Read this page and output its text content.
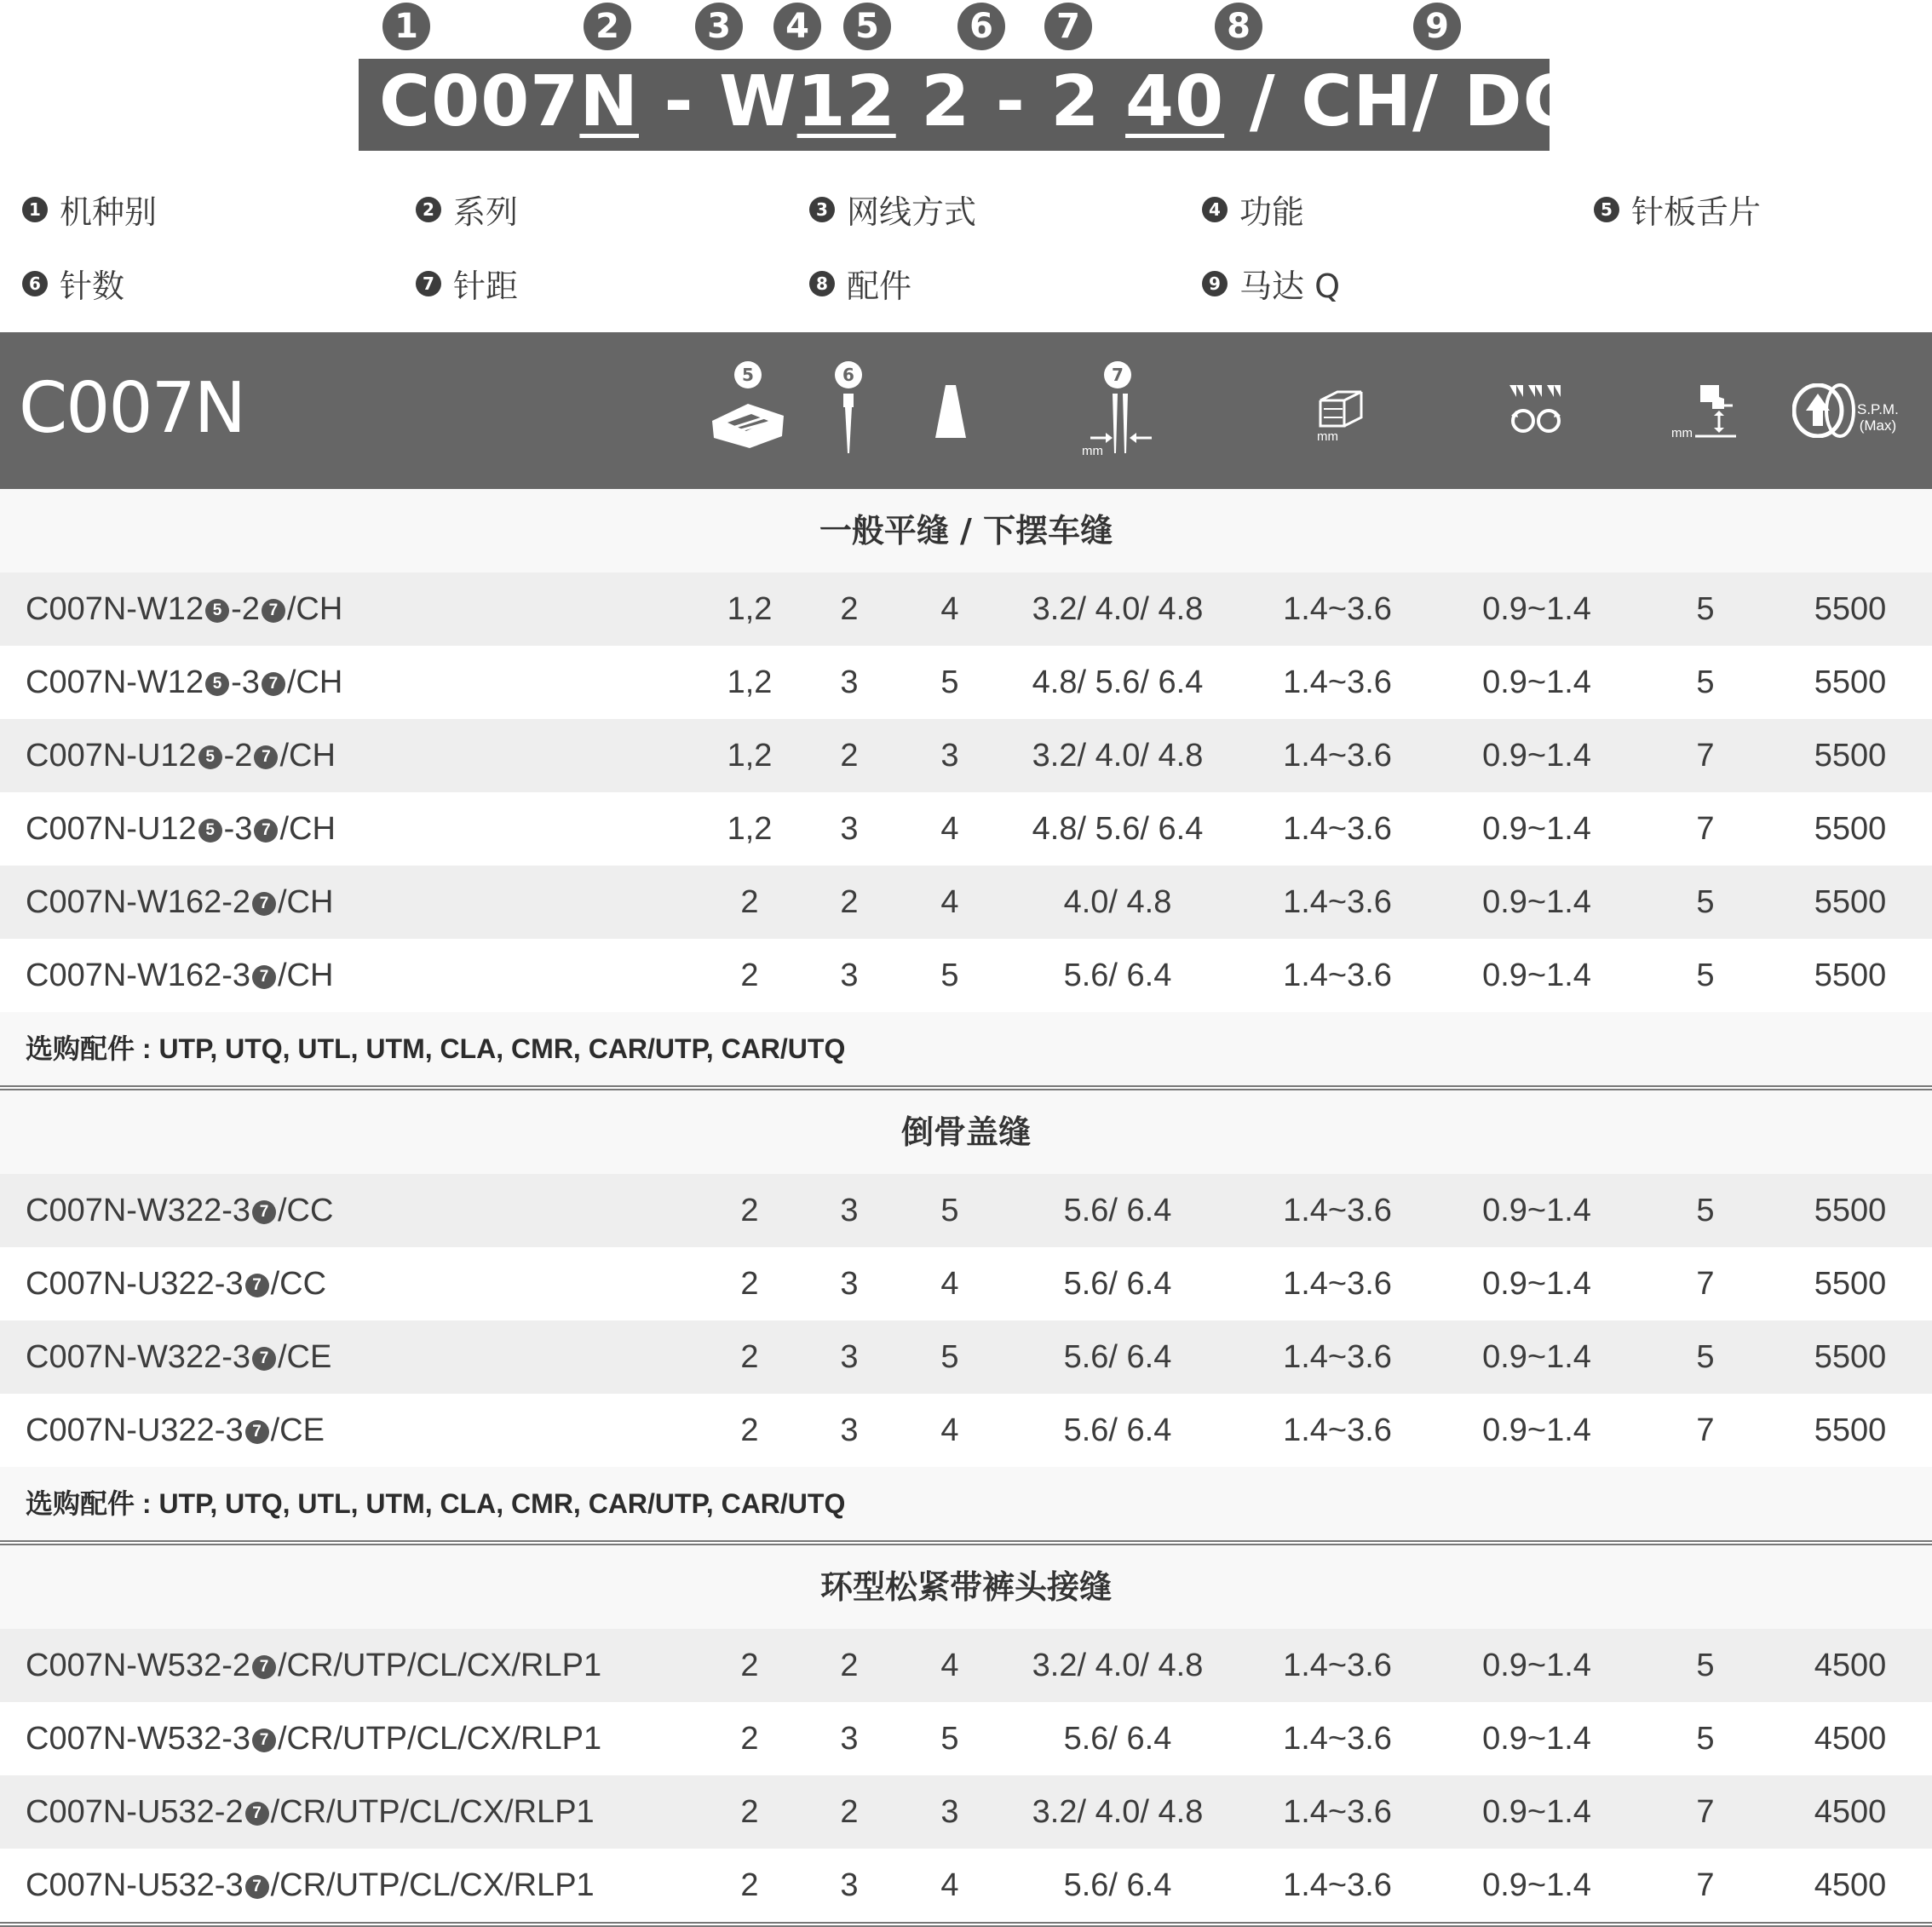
1	2	3	4	5	6	7	8	9
C007N - W12 2 - 2 40 / CH/ DCNQ
1 机种别	2 系列	3 网线方式	4 功能	5 针板舌片
6 针数	7 针距	8 配件	9 马达 Q
C007N	5	6	7
mm
mm	mm
S.P.M.
(Max)
一般平缝 / 下摆车缝
C007N-W12 5 -2 7 /CH	1,2	2	4	3.2/ 4.0/ 4.8	1.4~3.6	0.9~1.4	5	5500
C007N-W12 5 -3 7 /CH	1,2	3	5	4.8/ 5.6/ 6.4	1.4~3.6	0.9~1.4	5	5500
C007N-U12 5 -2 7 /CH	1,2	2	3	3.2/ 4.0/ 4.8	1.4~3.6	0.9~1.4	7	5500
C007N-U12 5 -3 7 /CH	1,2	3	4	4.8/ 5.6/ 6.4	1.4~3.6	0.9~1.4	7	5500
C007N-W162-2 7 /CH	2	2	4	4.0/ 4.8	1.4~3.6	0.9~1.4	5	5500
C007N-W162-3 7 /CH	2	3	5	5.6/ 6.4	1.4~3.6	0.9~1.4	5	5500
选购配件 : UTP, UTQ, UTL, UTM, CLA, CMR, CAR/UTP, CAR/UTQ
倒骨盖缝
C007N-W322-3 7 /CC	2	3	5	5.6/ 6.4	1.4~3.6	0.9~1.4	5	5500
C007N-U322-3 7 /CC	2	3	4	5.6/ 6.4	1.4~3.6	0.9~1.4	7	5500
C007N-W322-3 7 /CE	2	3	5	5.6/ 6.4	1.4~3.6	0.9~1.4	5	5500
C007N-U322-3 7 /CE	2	3	4	5.6/ 6.4	1.4~3.6	0.9~1.4	7	5500
选购配件 : UTP, UTQ, UTL, UTM, CLA, CMR, CAR/UTP, CAR/UTQ
环型松紧带裤头接缝
C007N-W532-2 7 /CR/UTP/CL/CX/RLP1	2	2	4	3.2/ 4.0/ 4.8	1.4~3.6	0.9~1.4	5	4500
C007N-W532-3 7 /CR/UTP/CL/CX/RLP1	2	3	5	5.6/ 6.4	1.4~3.6	0.9~1.4	5	4500
C007N-U532-2 7 /CR/UTP/CL/CX/RLP1	2	2	3	3.2/ 4.0/ 4.8	1.4~3.6	0.9~1.4	7	4500
C007N-U532-3 7 /CR/UTP/CL/CX/RLP1	2	3	4	5.6/ 6.4	1.4~3.6	0.9~1.4	7	4500
